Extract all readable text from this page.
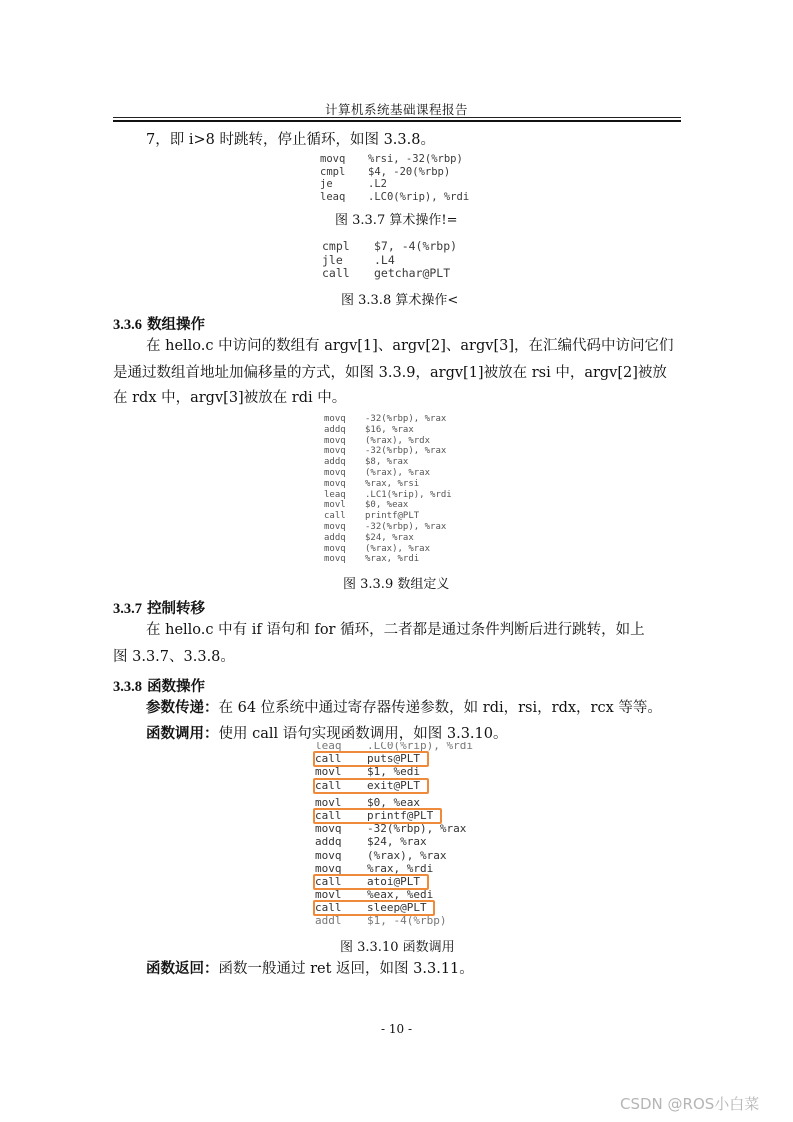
计算机系统基础课程报告
7，即 i>8 时跳转，停止循环，如图 3.3.8。
movq %rsi, -32(%rbp)
cmpl $4, -20(%rbp)
je	.L2
leaq .LC0(%rip), %rdi
图 3.3.7 算术操作!=
cmpl $7, -4(%rbp)
jle	.L4
call getchar@PLT
图 3.3.8 算术操作<
3.3.6 数组操作
在 hello.c 中访问的数组有 argv[1]、argv[2]、argv[3]，在汇编代码中访问它们
是通过数组首地址加偏移量的方式，如图 3.3.9，argv[1]被放在 rsi 中，argv[2]被放
在 rdx 中，argv[3]被放在 rdi 中。
movq -32(%rbp), %rax
addq $16, %rax
movq (%rax), %rdx
movq -32(%rbp), %rax
addq $8, %rax
movq (%rax), %rax
movq %rax, %rsi
leaq .LC1(%rip), %rdi
movl $0, %eax
call printf@PLT
movq -32(%rbp), %rax
addq $24, %rax
movq (%rax), %rax
movq %rax, %rdi
图 3.3.9 数组定义
3.3.7 控制转移
在 hello.c 中有 if 语句和 for 循环，二者都是通过条件判断后进行跳转，如上
图 3.3.7、3.3.8。
3.3.8 函数操作
参数传递：在 64 位系统中通过寄存器传递参数，如 rdi，rsi，rdx，rcx 等等。
函数调用：使用 call 语句实现函数调用，如图 3.3.10。
leaq .LC0(%rip), %rdi
call puts@PLT
movl $1, %edi
call exit@PLT
movl $0, %eax
call printf@PLT
movq -32(%rbp), %rax
addq $24, %rax
movq (%rax), %rax
movq %rax, %rdi
call atoi@PLT
movl %eax, %edi
call sleep@PLT
addl $1, -4(%rbp)
图 3.3.10 函数调用
函数返回：函数一般通过 ret 返回，如图 3.3.11。
- 10 -
CSDN @ROS小白菜
